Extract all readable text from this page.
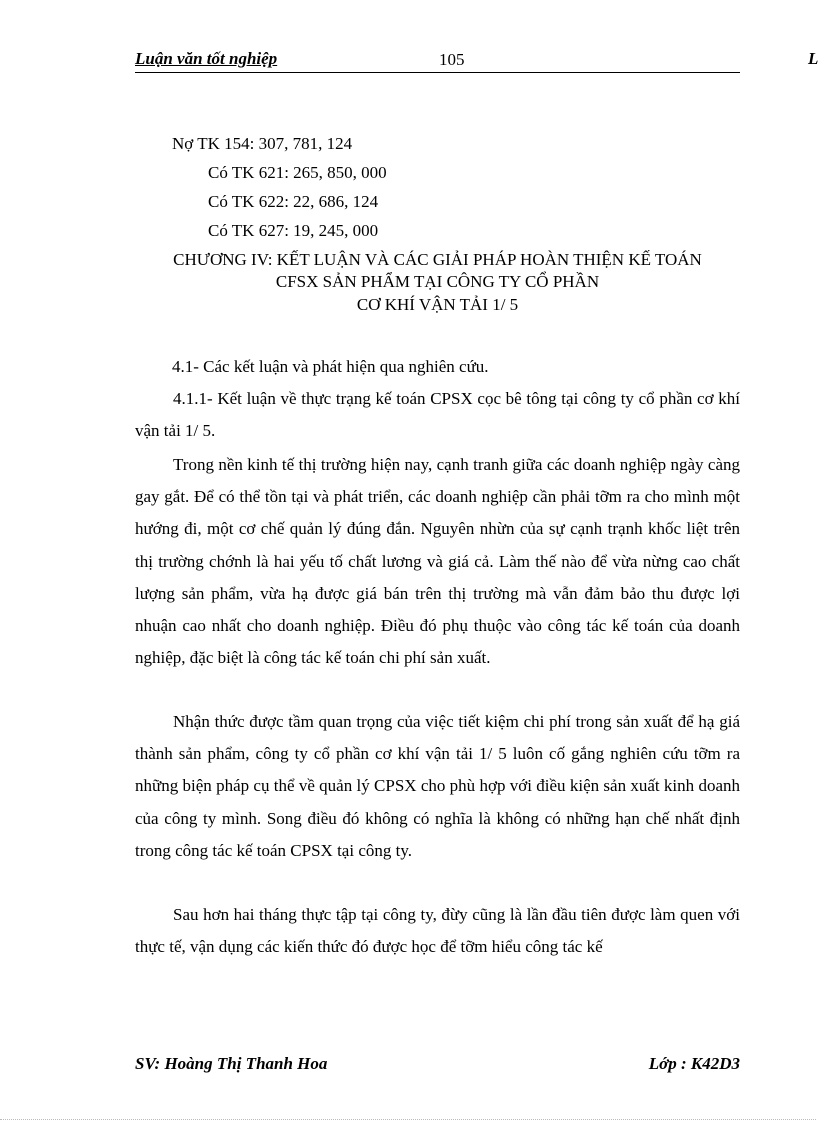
Luận văn tốt nghiệp	105	L
Nợ TK 154: 307, 781, 124
Có TK 621: 265, 850, 000
Có TK 622: 22, 686, 124
Có TK 627: 19, 245, 000
CHƯƠNG IV: KẾT LUẬN VÀ CÁC GIẢI PHÁP HOÀN THIỆN KẾ TOÁN
CFSX SẢN PHẨM TẠI CÔNG TY CỔ PHẦN
CƠ KHÍ VẬN TẢI 1/ 5
4.1- Các kết luận và phát hiện qua nghiên cứu.

4.1.1- Kết luận về thực trạng kế toán CPSX cọc bê tông tại công ty cổ phần cơ khí vận tải 1/ 5.

Trong nền kinh tế thị trường hiện nay, cạnh tranh giữa các doanh nghiệp ngày càng gay gắt. Để có thể tồn tại và phát triển, các doanh nghiệp cần phải tỡm ra cho mình một hướng đi, một cơ chế quản lý đúng đắn. Nguyên nhừn của sự cạnh trạnh khốc liệt trên thị trường chớnh là hai yếu tố chất lương và giá cả. Làm thế nào để vừa nừng cao chất lượng sản phẩm, vừa hạ được giá bán trên thị trường mà vẫn đảm bảo thu được lợi nhuận cao nhất cho doanh nghiệp. Điều đó phụ thuộc vào công tác kế toán của doanh nghiệp, đặc biệt là công tác kế toán chi phí sản xuất.

Nhận thức được tầm quan trọng của việc tiết kiệm chi phí trong sản xuất để hạ giá thành sản phẩm, công ty cổ phần cơ khí vận tải 1/ 5 luôn cố gắng nghiên cứu tỡm ra những biện pháp cụ thể về quản lý CPSX cho phù hợp với điều kiện sản xuất kinh doanh của công ty mình. Song điều đó không có nghĩa là không có những hạn chế nhất định trong công tác kế toán CPSX tại công ty.

Sau hơn hai tháng thực tập tại công ty, đừy cũng là lần đầu tiên được làm quen với thực tế, vận dụng các kiến thức đó được học để tỡm hiểu công tác kế

SV: Hoàng Thị Thanh Hoa	Lớp : K42D3
